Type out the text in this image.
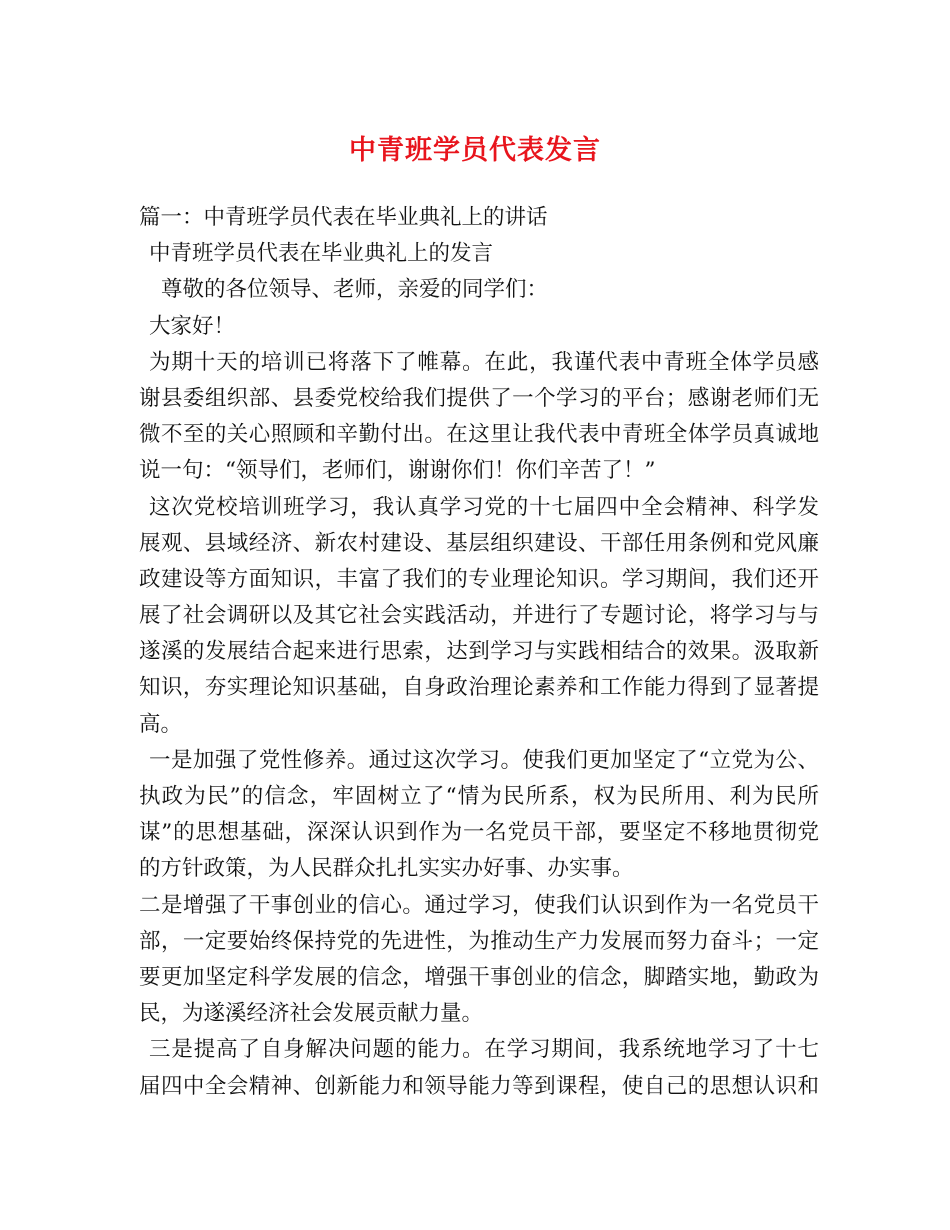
中青班学员代表发言
篇一：中青班学员代表在毕业典礼上的讲话
中青班学员代表在毕业典礼上的发言
尊敬的各位领导、老师，亲爱的同学们：
大家好！
为期十天的培训已将落下了帷幕。在此，我谨代表中青班全体学员感
谢县委组织部、县委党校给我们提供了一个学习的平台；感谢老师们无
微不至的关心照顾和辛勤付出。在这里让我代表中青班全体学员真诚地
说一句：“领导们，老师们，谢谢你们！你们辛苦了！”
这次党校培训班学习，我认真学习党的十七届四中全会精神、科学发
展观、县域经济、新农村建设、基层组织建设、干部任用条例和党风廉
政建设等方面知识，丰富了我们的专业理论知识。学习期间，我们还开
展了社会调研以及其它社会实践活动，并进行了专题讨论，将学习与与
遂溪的发展结合起来进行思索，达到学习与实践相结合的效果。汲取新
知识，夯实理论知识基础，自身政治理论素养和工作能力得到了显著提
高。
一是加强了党性修养。通过这次学习。使我们更加坚定了“立党为公、
执政为民”的信念，牢固树立了“情为民所系，权为民所用、利为民所
谋”的思想基础，深深认识到作为一名党员干部，要坚定不移地贯彻党
的方针政策，为人民群众扎扎实实办好事、办实事。
二是增强了干事创业的信心。通过学习，使我们认识到作为一名党员干
部，一定要始终保持党的先进性，为推动生产力发展而努力奋斗；一定
要更加坚定科学发展的信念，增强干事创业的信念，脚踏实地，勤政为
民，为遂溪经济社会发展贡献力量。
三是提高了自身解决问题的能力。在学习期间，我系统地学习了十七
届四中全会精神、创新能力和领导能力等到课程，使自己的思想认识和
